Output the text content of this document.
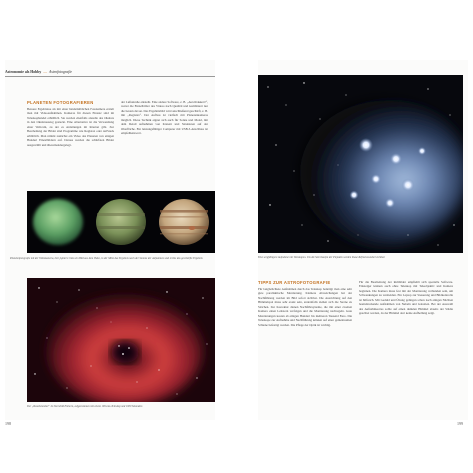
Astronomie als Hobby — Astrofotografie
PLANETEN FOTOGRAFIEREN
Bessere Ergebnisse als mit einer handelsüblichen Fotokamera erzielt man mit Videoaufnahmen. Kameras für diesen Einsatz sind im Teleskophandel erhältlich. Sie werden ebenfalls anstelle des Okulars in den Okularauszug gesteckt. Eine Alternative ist die Verwendung einer Webcam, zu der es Anleitungen im Internet gibt. Zur Bearbeitung der Bilder sind Programme wie Registax oder AviStack erhältlich. Man nimmt zunächst ein Video des Planeten von einigen Hundert Einzelbildern auf. Daraus werden die schärfsten Bilder ausgewählt und übereinandergelegt.
der Luftunruhe entsteht. Eine andere Software, z. B. „AutoStakkert!“, wertet die Einzelbilder des Videos nach Qualität und kombiniert nur die besten davon. Das Ergebnisbild wird anschließend geschärft, z. B. mit „Registax“. Der Aufbau ist vielfach mit Planetenkameras möglich. Diese Technik eignet sich auch für Sonne und Mond, mit dem Detail aufnahmen von Kratern und Strukturen auf der Oberfläche. Ein leistungsfähiger Computer mit USB-3-Anschluss ist empfehlenswert.
Planetenfotografie mit der Videokamera, hier jupiters: links ein Bild aus dem Video, in der Mitte das Ergebnis nach der Summe der Aufnahmen und rechts das geschärfte Ergebnis
Der „Rosettennebel“ im Sternbild Einhorn, aufgenommen mit einem 100-mm-Teleskop und 1000 Sekunden
198
Eine sorgfältigere Aufnahme mit Teleskopen. Um die Sternhaufen der Plejaden werden blaue Reflexionsnebel sichtbar
TIPPS ZUR ASTROFOTOGRAFIE
Für langbelichtete Aufnahmen durch das Teleskop benötigt man eine sehr gute parallaktische Montierung. Kleinere Abweichungen bei der Nachführung werden im Bild sofort sichtbar. Die Ausrichtung auf den Himmelspol muss sehr exakt sein, andernfalls ziehen sich die Sterne zu Strichen. Zur Korrektur dienen Nachführsysteme, die mit einer zweiten Kamera einen Leitstern verfolgen und die Montierung nachregeln. Gute Montierungen kosten ab einigen Hundert bis mehreren Tausend Euro. Die Teleskope zur Aufnahme und Nachführung können auf einer gemeinsamen Schiene befestigt werden. Die Pflege der Optik ist wichtig.
Für die Bearbeitung der Rohbilder empfiehlt sich spezielle Software. Einsteiger können auch ohne Teleskop mit Teleobjektiv und Kamera beginnen. Die Kamera muss fest mit der Montierung verbunden sein, um Schwankungen zu vermeiden. Ein Laptop zur Steuerung und Bildkontrolle ist hilfreich. Mit Geduld und Übung gelingen schon nach einigen Nächten beeindruckende Aufnahmen von Nebeln und Galaxien. Bei der Auswahl des Aufnahmeortes sollte auf einen dunklen Himmel abseits der Städte geachtet werden, da der Himmel dort keine Aufhellung zeigt.
199
